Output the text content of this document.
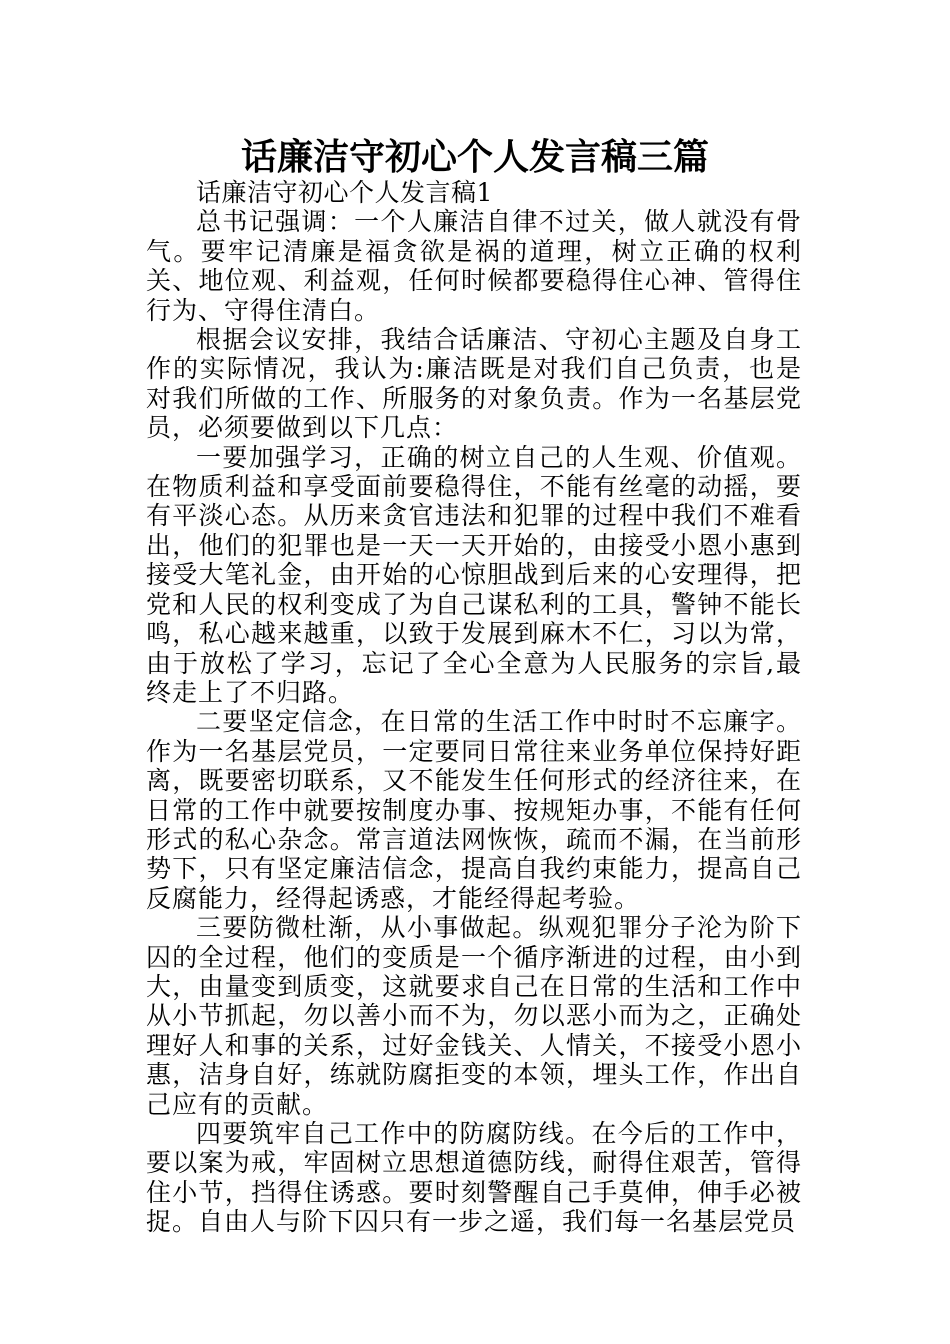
话廉洁守初心个人发言稿三篇

话廉洁守初心个人发言稿1

总书记强调：一个人廉洁自律不过关，做人就没有骨气。要牢记清廉是福贪欲是祸的道理，树立正确的权利关、地位观、利益观，任何时候都要稳得住心神、管得住行为、守得住清白。

根据会议安排，我结合话廉洁、守初心主题及自身工作的实际情况，我认为:廉洁既是对我们自己负责，也是对我们所做的工作、所服务的对象负责。作为一名基层党员，必须要做到以下几点：

一要加强学习，正确的树立自己的人生观、价值观。在物质利益和享受面前要稳得住，不能有丝毫的动摇，要有平淡心态。从历来贪官违法和犯罪的过程中我们不难看出，他们的犯罪也是一天一天开始的，由接受小恩小惠到接受大笔礼金，由开始的心惊胆战到后来的心安理得，把党和人民的权利变成了为自己谋私利的工具，警钟不能长鸣，私心越来越重，以致于发展到麻木不仁，习以为常，由于放松了学习，忘记了全心全意为人民服务的宗旨,最终走上了不归路。

二要坚定信念，在日常的生活工作中时时不忘廉字。作为一名基层党员，一定要同日常往来业务单位保持好距离，既要密切联系，又不能发生任何形式的经济往来，在日常的工作中就要按制度办事、按规矩办事，不能有任何形式的私心杂念。常言道法网恢恢，疏而不漏，在当前形势下，只有坚定廉洁信念，提高自我约束能力，提高自己反腐能力，经得起诱惑，才能经得起考验。

三要防微杜渐，从小事做起。纵观犯罪分子沦为阶下囚的全过程，他们的变质是一个循序渐进的过程，由小到大，由量变到质变，这就要求自己在日常的生活和工作中从小节抓起，勿以善小而不为，勿以恶小而为之，正确处理好人和事的关系，过好金钱关、人情关，不接受小恩小惠，洁身自好，练就防腐拒变的本领，埋头工作，作出自己应有的贡献。

四要筑牢自己工作中的防腐防线。在今后的工作中，要以案为戒，牢固树立思想道德防线，耐得住艰苦，管得住小节，挡得住诱惑。要时刻警醒自己手莫伸，伸手必被捉。自由人与阶下囚只有一步之遥，我们每一名基层党员
